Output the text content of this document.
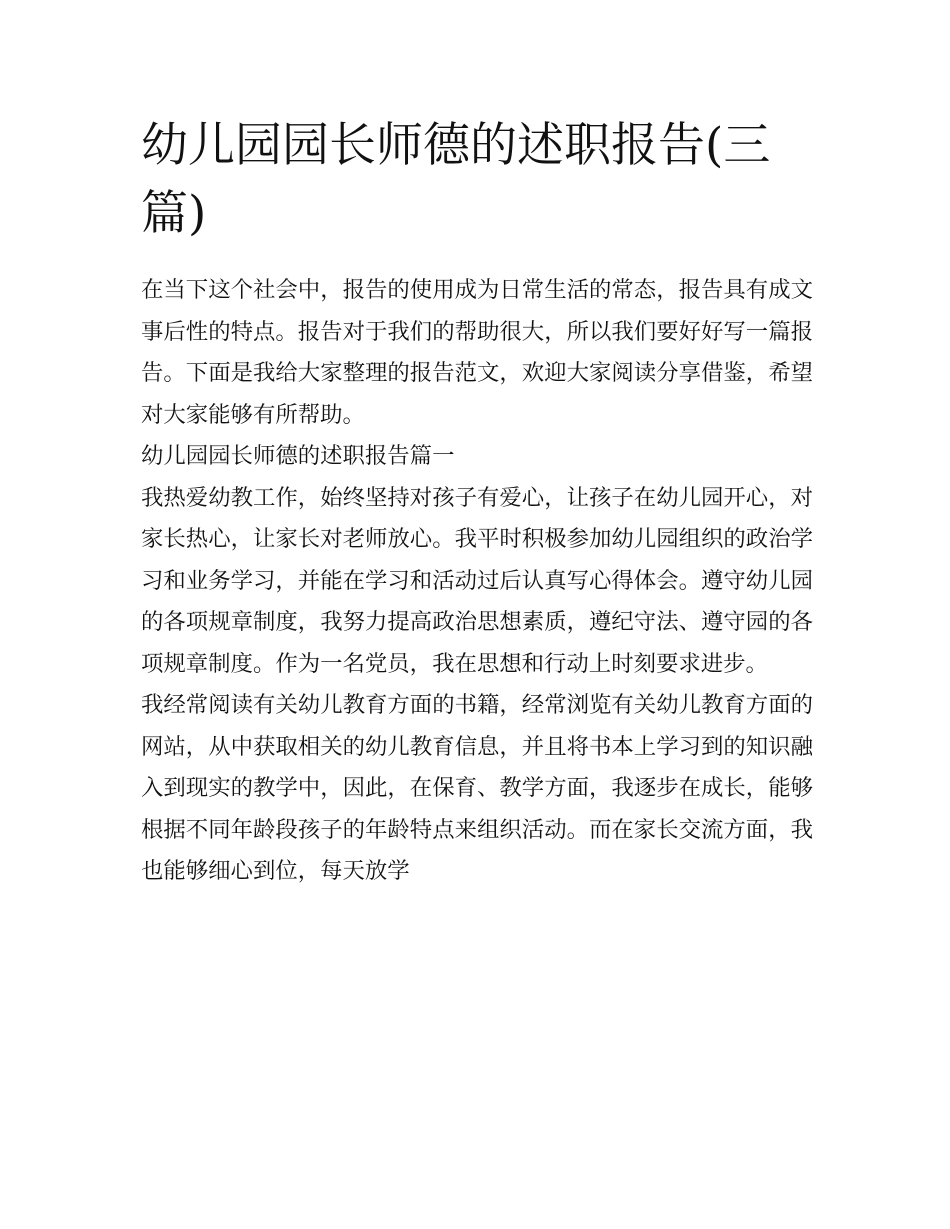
幼儿园园长师德的述职报告(三篇)

在当下这个社会中，报告的使用成为日常生活的常态，报告具有成文事后性的特点。报告对于我们的帮助很大，所以我们要好好写一篇报告。下面是我给大家整理的报告范文，欢迎大家阅读分享借鉴，希望对大家能够有所帮助。

幼儿园园长师德的述职报告篇一

我热爱幼教工作，始终坚持对孩子有爱心，让孩子在幼儿园开心，对家长热心，让家长对老师放心。我平时积极参加幼儿园组织的政治学习和业务学习，并能在学习和活动过后认真写心得体会。遵守幼儿园的各项规章制度，我努力提高政治思想素质，遵纪守法、遵守园的各项规章制度。作为一名党员，我在思想和行动上时刻要求进步。

我经常阅读有关幼儿教育方面的书籍，经常浏览有关幼儿教育方面的网站，从中获取相关的幼儿教育信息，并且将书本上学习到的知识融入到现实的教学中，因此，在保育、教学方面，我逐步在成长，能够根据不同年龄段孩子的年龄特点来组织活动。而在家长交流方面，我也能够细心到位，每天放学
